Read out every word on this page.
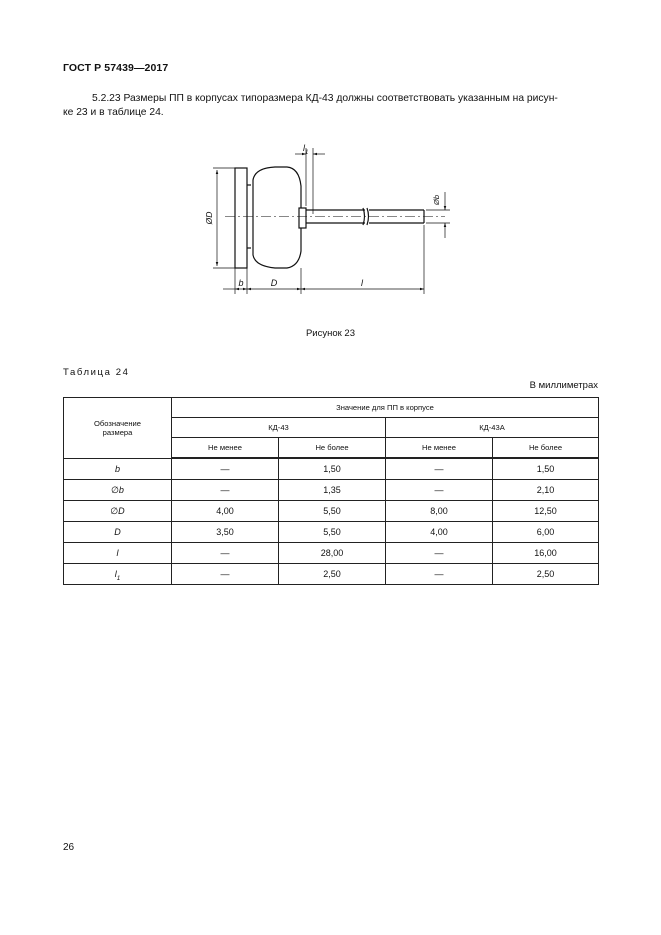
ГОСТ Р 57439—2017
5.2.23 Размеры ПП в корпусах типоразмера КД-43 должны соответствовать указанным на рисун-
ке 23 и в таблице 24.
$l_1$
ØD
Øb
b	D	l
Рисунок 23
Таблица 24
В миллиметрах
Обозначение размера	Значение для ПП в корпусе			
	КД-43		КД-43А	
	Не менее	Не более	Не менее	Не более
b	—	1,50	—	1,50
∅b	—	1,35	—	2,10
∅D	4,00	5,50	8,00	12,50
D	3,50	5,50	4,00	6,00
l	—	28,00	—	16,00
$l_1$	—	2,50	—	2,50
26
